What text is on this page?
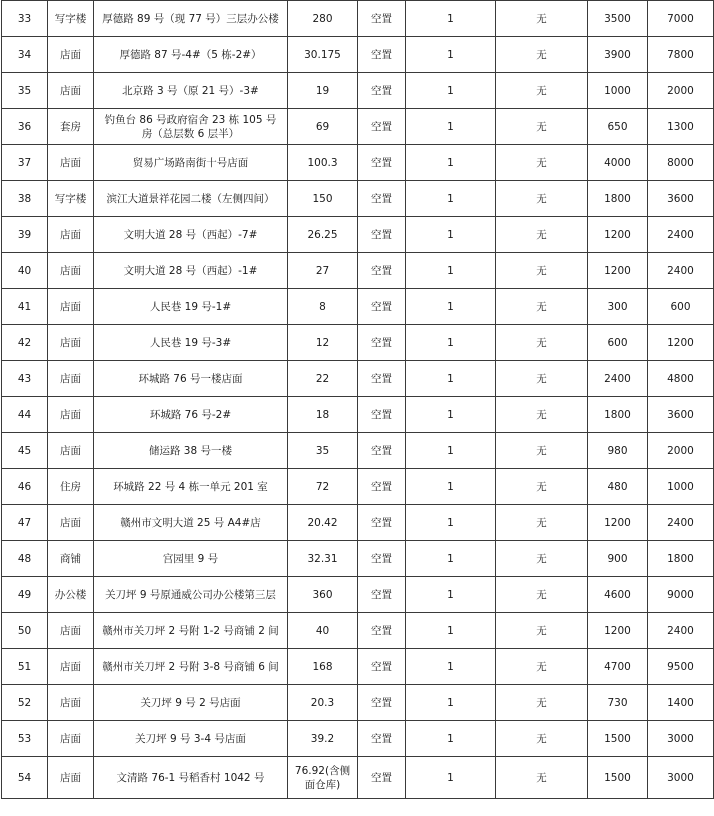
33	写字楼	厚德路 89 号（现 77 号）三层办公楼	280	空置	1	无	3500	7000
34	店面	厚德路 87 号-4#（5 栋-2#）	30.175	空置	1	无	3900	7800
35	店面	北京路 3 号（原 21 号）-3#	19	空置	1	无	1000	2000
36	套房	钓鱼台 86 号政府宿舍 23 栋 105 号房（总层数 6 层半）	69	空置	1	无	650	1300
37	店面	贸易广场路南街十号店面	100.3	空置	1	无	4000	8000
38	写字楼	滨江大道景祥花园二楼（左侧四间）	150	空置	1	无	1800	3600
39	店面	文明大道 28 号（西起）-7#	26.25	空置	1	无	1200	2400
40	店面	文明大道 28 号（西起）-1#	27	空置	1	无	1200	2400
41	店面	人民巷 19 号-1#	8	空置	1	无	300	600
42	店面	人民巷 19 号-3#	12	空置	1	无	600	1200
43	店面	环城路 76 号一楼店面	22	空置	1	无	2400	4800
44	店面	环城路 76 号-2#	18	空置	1	无	1800	3600
45	店面	储运路 38 号一楼	35	空置	1	无	980	2000
46	住房	环城路 22 号 4 栋一单元 201 室	72	空置	1	无	480	1000
47	店面	赣州市文明大道 25 号 A4#店	20.42	空置	1	无	1200	2400
48	商铺	宫园里 9 号	32.31	空置	1	无	900	1800
49	办公楼	关刀坪 9 号原通威公司办公楼第三层	360	空置	1	无	4600	9000
50	店面	赣州市关刀坪 2 号附 1-2 号商铺 2 间	40	空置	1	无	1200	2400
51	店面	赣州市关刀坪 2 号附 3-8 号商铺 6 间	168	空置	1	无	4700	9500
52	店面	关刀坪 9 号 2 号店面	20.3	空置	1	无	730	1400
53	店面	关刀坪 9 号 3-4 号店面	39.2	空置	1	无	1500	3000
54	店面	文清路 76-1 号稻香村 1042 号	76.92(含侧面仓库)	空置	1	无	1500	3000
